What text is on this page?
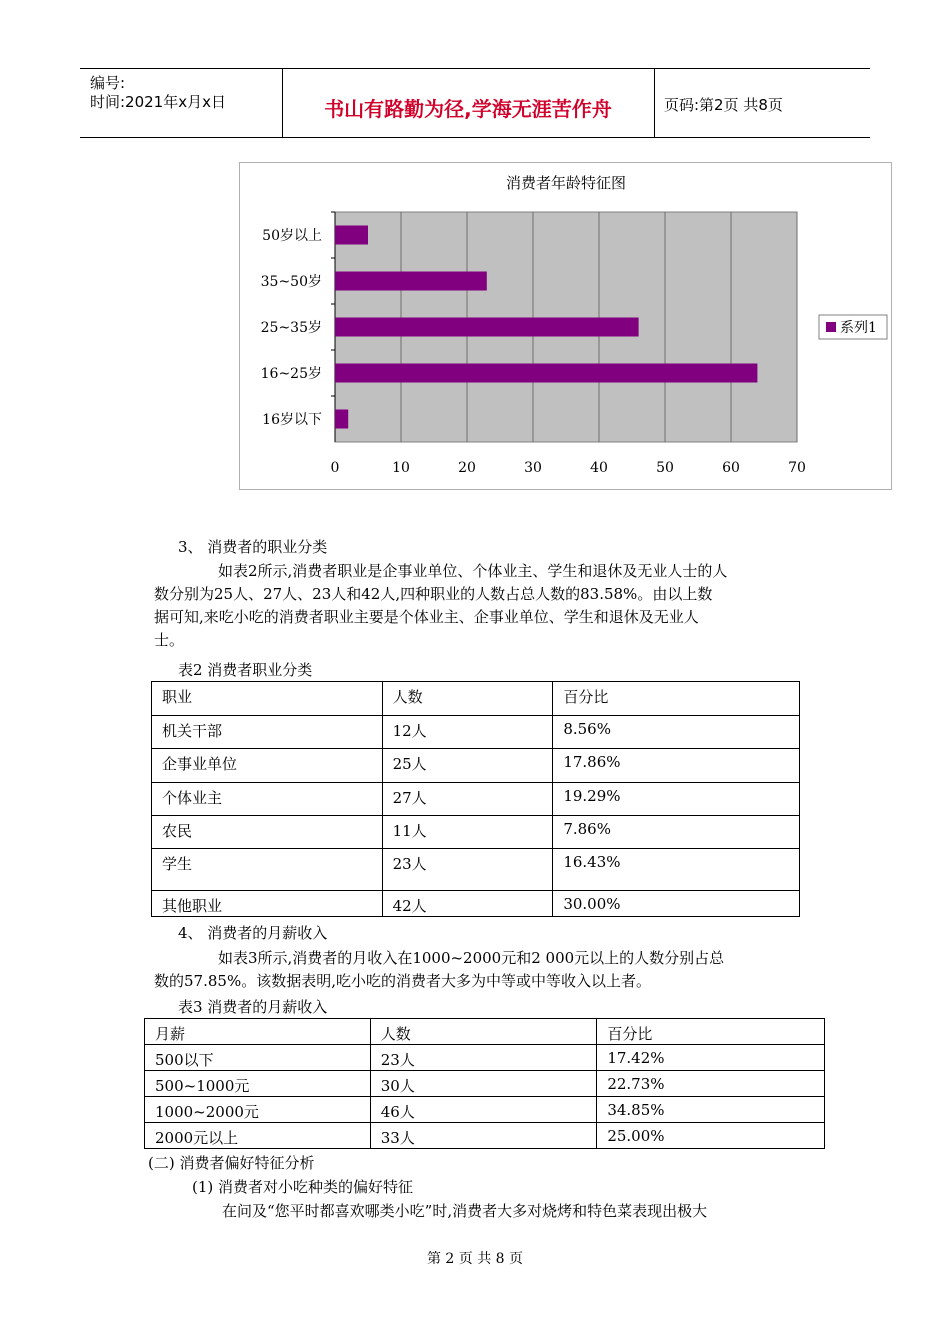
编号:
时间:2021年x月x日	书山有路勤为径,学海无涯苦作舟	页码:第2页 共8页
消费者年龄特征图
0	10	20	30	40	50	60	70
50岁以上
35~50岁
25~35岁
16~25岁
16岁以下
系列1
3、 消费者的职业分类
如表2所示,消费者职业是企事业单位、个体业主、学生和退休及无业人士的人
数分别为25人、27人、23人和42人,四种职业的人数占总人数的83.58%。由以上数
据可知,来吃小吃的消费者职业主要是个体业主、企事业单位、学生和退休及无业人
士。
表2 消费者职业分类
职业	人数	百分比
机关干部	12人	8.56%
企事业单位	25人	17.86%
个体业主	27人	19.29%
农民	11人	7.86%
学生	23人	16.43%
其他职业	42人	30.00%
4、 消费者的月薪收入
如表3所示,消费者的月收入在1000~2000元和2 000元以上的人数分别占总
数的57.85%。该数据表明,吃小吃的消费者大多为中等或中等收入以上者。
表3 消费者的月薪收入
月薪	人数	百分比
500以下	23人	17.42%
500~1000元	30人	22.73%
1000~2000元	46人	34.85%
2000元以上	33人	25.00%
(二) 消费者偏好特征分析
(1) 消费者对小吃种类的偏好特征
在问及“您平时都喜欢哪类小吃”时,消费者大多对烧烤和特色菜表现出极大
第 2 页 共 8 页
